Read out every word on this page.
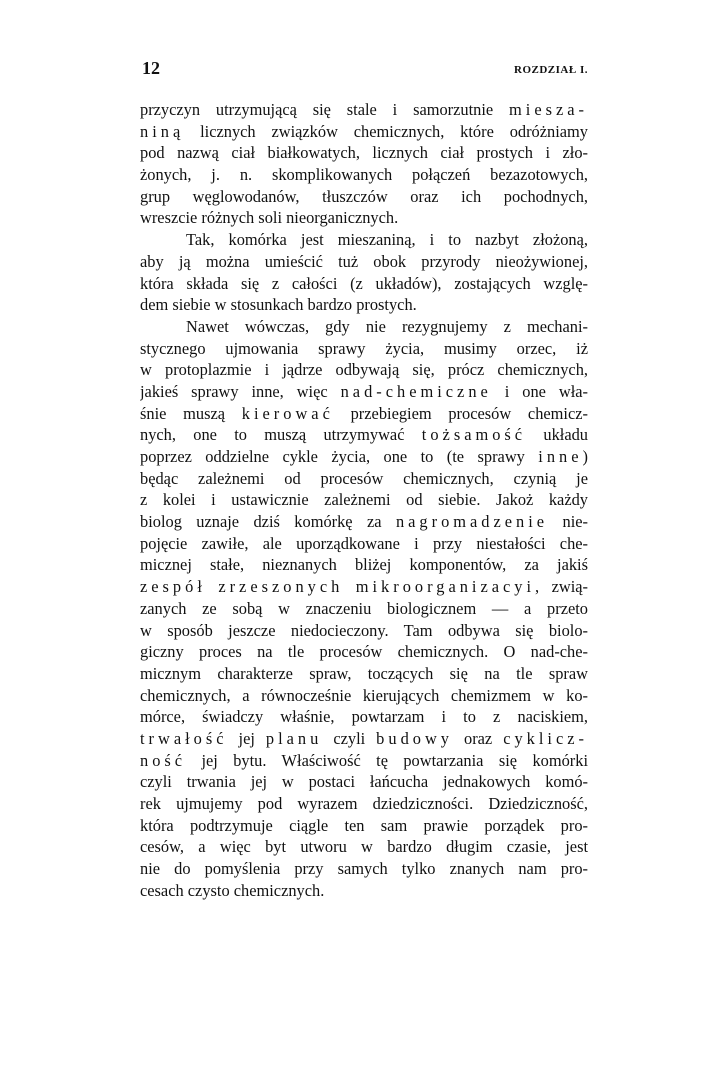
12	ROZDZIAŁ I.
przyczyn utrzymującą się stale i samorzutnie mieszа-
niną licznych związków chemicznych, które odróżniamy
pod nazwą ciał białkowatych, licznych ciał prostych i zło-
żonych, j. n. skomplikowanych połączeń bezazotowych,
grup węglowodanów, tłuszczów oraz ich pochodnych,
wreszcie różnych soli nieorganicznych.
Tak, komórka jest mieszaniną, i to nazbyt złożoną,
aby ją można umieścić tuż obok przyrody nieożywionej,
która składa się z całości (z układów), zostających wzglę-
dem siebie w stosunkach bardzo prostych.
Nawet wówczas, gdy nie rezygnujemy z mechani-
stycznego ujmowania sprawy życia, musimy orzec, iż
w protoplazmie i jądrze odbywają się, prócz chemicznych,
jakieś sprawy inne, więc nad-chemiczne i one wła-
śnie muszą kierować przebiegiem procesów chemicz-
nych, one to muszą utrzymywać tożsamość układu
poprzez oddzielne cykle życia, one to (te sprawy inne)
będąc zależnemi od procesów chemicznych, czynią je
z kolei i ustawicznie zależnemi od siebie. Jakoż każdy
biolog uznaje dziś komórkę za nagromadzenie nie-
pojęcie zawiłe, ale uporządkowane i przy niestałości che-
micznej stałe, nieznanych bliżej komponentów, za jakiś
zespół zrzeszonych mikroorganizacyi, zwią-
zanych ze sobą w znaczeniu biologicznem — a przeto
w sposób jeszcze niedocieczony. Tam odbywa się biolo-
giczny proces na tle procesów chemicznych. O nad-che-
micznym charakterze spraw, toczących się na tle spraw
chemicznych, a równocześnie kierujących chemizmem w ko-
mórce, świadczy właśnie, powtarzam i to z naciskiem,
trwałość jej planu czyli budowy oraz cyklicz-
ność jej bytu. Właściwość tę powtarzania się komórki
czyli trwania jej w postaci łańcucha jednakowych komó-
rek ujmujemy pod wyrazem dziedziczności. Dziedziczność,
która podtrzymuje ciągle ten sam prawie porządek pro-
cesów, a więc byt utworu w bardzo długim czasie, jest
nie do pomyślenia przy samych tylko znanych nam pro-
cesach czysto chemicznych.
